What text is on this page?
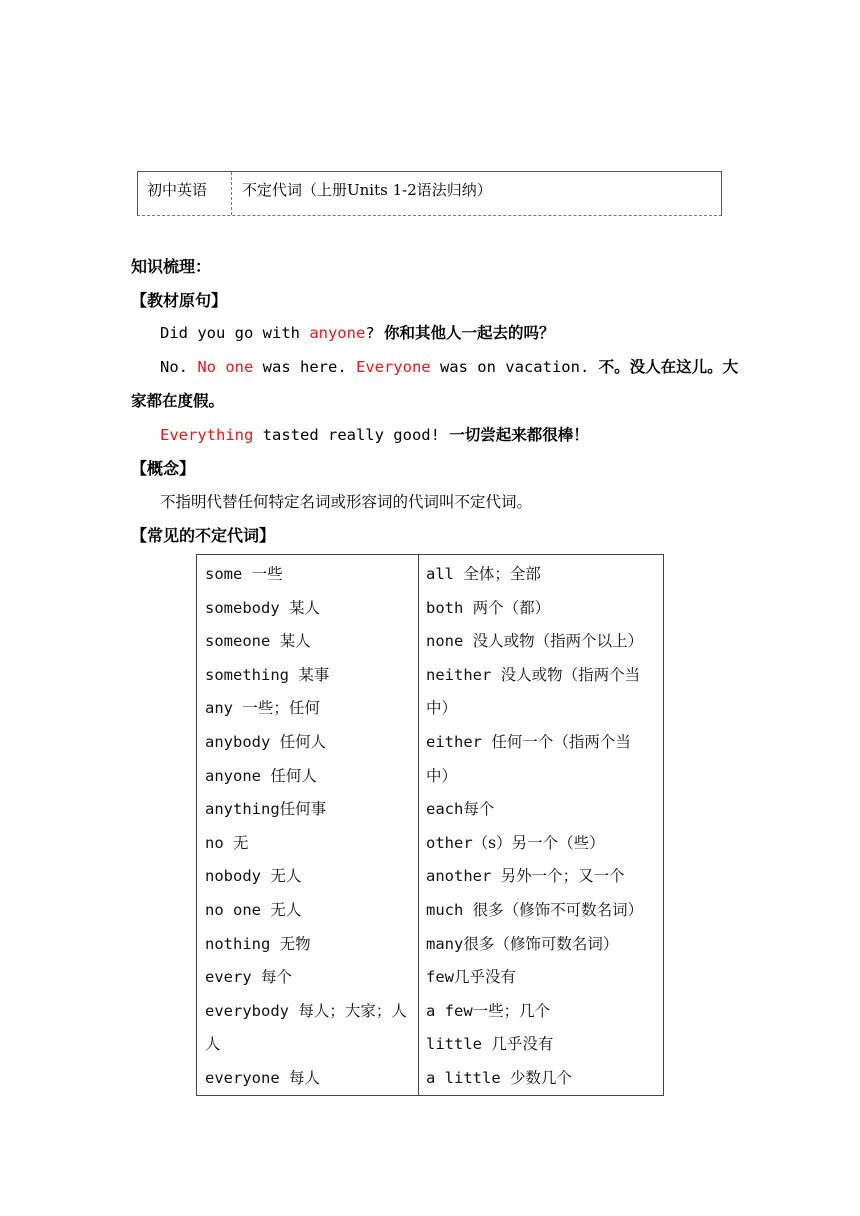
初中英语	不定代词（上册Units 1-2语法归纳）
知识梳理：
【教材原句】
Did you go with anyone? 你和其他人一起去的吗？
No. No one was here. Everyone was on vacation. 不。没人在这儿。大
家都在度假。
Everything tasted really good! 一切尝起来都很棒！
【概念】
不指明代替任何特定名词或形容词的代词叫不定代词。
【常见的不定代词】
some 一些
somebody 某人
someone 某人
something 某事
any 一些；任何
anybody 任何人
anyone 任何人
anything任何事
no 无
nobody 无人
no one 无人
nothing 无物
every 每个
everybody 每人；大家；人
人
everyone 每人
all 全体；全部
both 两个（都）
none 没人或物（指两个以上）
neither 没人或物（指两个当
中）
either 任何一个（指两个当
中）
each每个
other（s）另一个（些）
another 另外一个；又一个
much 很多（修饰不可数名词）
many很多（修饰可数名词）
few几乎没有
a few一些；几个
little 几乎没有
a little 少数几个
